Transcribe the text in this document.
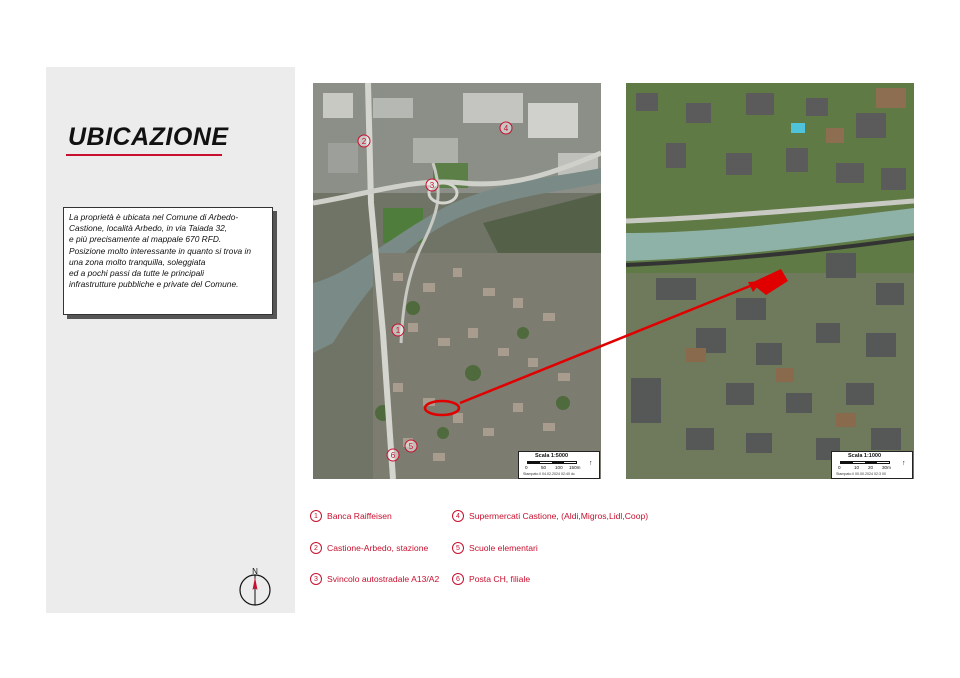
UBICAZIONE

La proprietà è ubicata nel Comune di Arbedo-

Castione, località Arbedo, in via Taiada 32,

e più precisamente al mappale 670 RFD.

Posizione molto interessante in quanto si trova in

una zona molto tranquilla, soleggiata

ed a pochi passi da tutte le principali

infrastrutture pubbliche e private del Comune.

2
3
4
1
5
6	Scala 1:5000
0	50 100 150m
Stampato il 04.02.2024 02:40 dc
↑
Scala 1:1000
0	10 20 30m
Stampato il 00.00.2024 02:3 00
↑
1	Banca Raiffeisen
2	Castione-Arbedo, stazione
3	Svincolo autostradale A13/A2
4	Supermercati Castione, (Aldi,Migros,Lidl,Coop)
5	Scuole elementari
6	Posta CH, filiale
N
